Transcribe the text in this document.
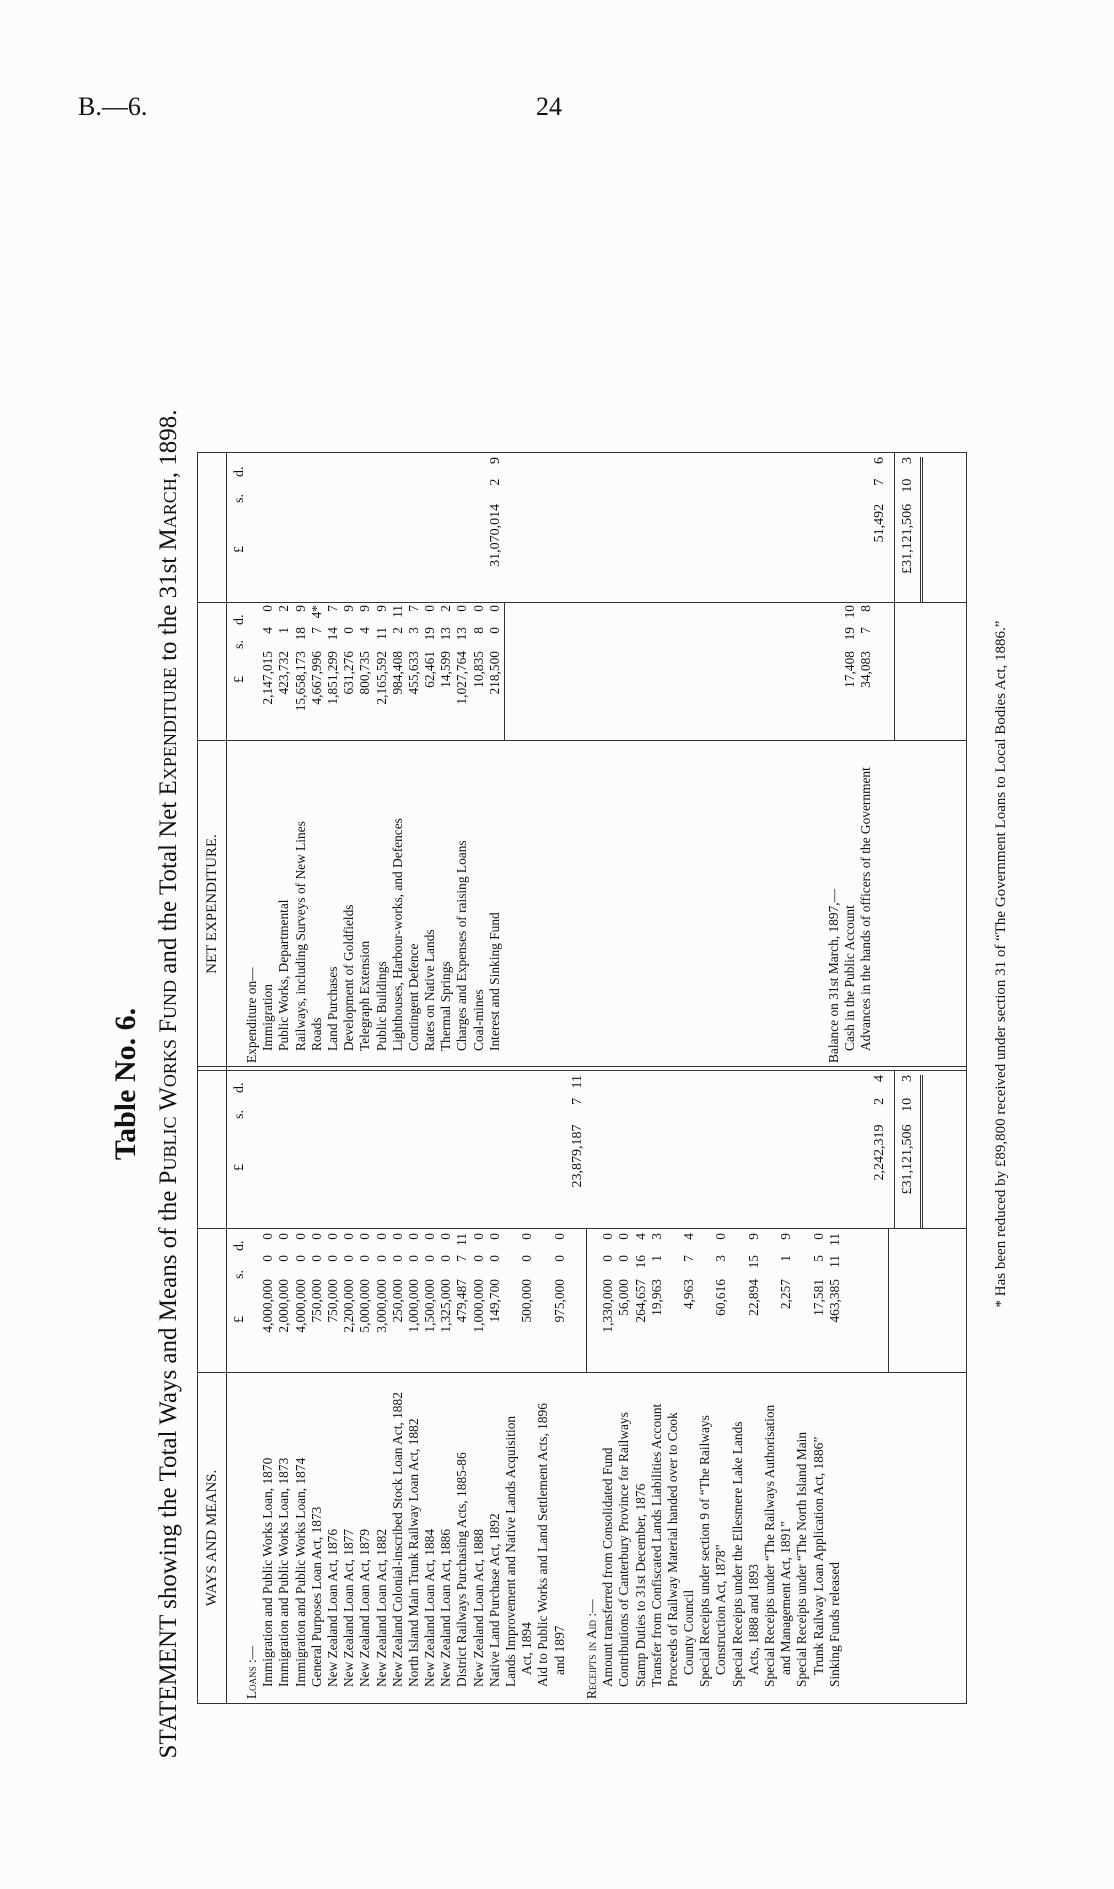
B.—6.	24
Table No. 6.
STATEMENT showing the Total Ways and Means of the Public Works Fund and the Total Net Expenditure to the 31st March, 1898.
WAYS AND MEANS.
NET EXPENDITURE.
£
s.
d.
£
s.
d.
£
s.
d.
£
s.
d.
Loans :— Immigration and Public Works Loan, 1870 Immigration and Public Works Loan, 1873 Immigration and Public Works Loan, 1874 General Purposes Loan Act, 1873 New Zealand Loan Act, 1876 New Zealand Loan Act, 1877 New Zealand Loan Act, 1879 New Zealand Loan Act, 1882 New Zealand Colonial-inscribed Stock Loan Act, 1882 North Island Main Trunk Railway Loan Act, 1882 New Zealand Loan Act, 1884 New Zealand Loan Act, 1886 District Railways Purchasing Acts, 1885-86 New Zealand Loan Act, 1888 Native Land Purchase Act, 1892 Lands Improvement and Native Lands Acquisition Act, 1894 Aid to Public Works and Land Settlement Acts, 1896 and 1897 Receipts in Aid :— Amount transferred from Consolidated Fund Contributions of Canterbury Province for Railways Stamp Duties to 31st December, 1876 Transfer from Confiscated Lands Liabilities Account Proceeds of Railway Material handed over to Cook County Council Special Receipts under section 9 of “The Railways Construction Act, 1878” Special Receipts under the Ellesmere Lake Lands Acts, 1888 and 1893 Special Receipts under “The Railways Authorisation and Management Act, 1891” Special Receipts under “The North Island Main Trunk Railway Loan Application Act, 1886” Sinking Funds released
4,000,000
0
0
2,000,000
0
0
4,000,000
0
0
750,000
0
0
750,000
0
0
2,200,000
0
0
5,000,000
0
0
3,000,000
0
0
250,000
0
0
1,000,000
0
0
1,500,000
0
0
1,325,000
0
0
479,487
7
11
1,000,000
0
0
149,700
0
0
500,000
0
0
975,000
0
0
1,330,000
0
0
56,000
0
0
264,657
16
4
19,963
1
3
4,963
7
4
60,616
3
0
22,894
15
9
2,257
1
9
17,581
5
0
463,385
11
11
23,879,187
7
11
2,242,319
2
4
£31,121,506
10
3
Expenditure on— Immigration Public Works, Departmental Railways, including Surveys of New Lines Roads Land Purchases Development of Goldfields Telegraph Extension Public Buildings Lighthouses, Harbour-works, and Defences Contingent Defence Rates on Native Lands Thermal Springs Charges and Expenses of raising Loans Coal-mines Interest and Sinking Fund
2,147,015
4
0
423,732
1
2
15,658,173
18
9
4,667,996
7
4*
1,851,299
14
7
631,276
0
9
800,735
4
9
2,165,592
11
9
984,408
2
11
455,633
3
7
62,461
19
0
14,599
13
2
1,027,764
13
0
10,835
8
0
218,500
0
0
31,070,014
2
9
Balance on 31st March, 1897,— Cash in the Public Account Advances in the hands of officers of the Government
17,408
19
10
34,083
7
8
51,492
7
6
£31,121,506
10
3
* Has been reduced by £89,800 received under section 31 of “The Government Loans to Local Bodies Act, 1886.”
